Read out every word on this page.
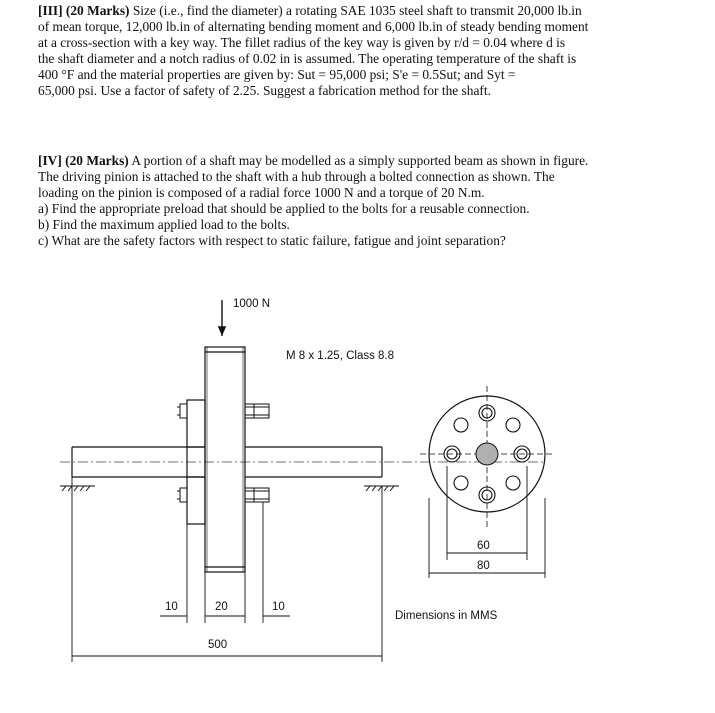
[III] (20 Marks) Size (i.e., find the diameter) a rotating SAE 1035 steel shaft to transmit 20,000 lb.in
of mean torque, 12,000 lb.in of alternating bending moment and 6,000 lb.in of steady bending moment
at a cross-section with a key way. The fillet radius of the key way is given by r/d = 0.04 where d is
the shaft diameter and a notch radius of 0.02 in is assumed. The operating temperature of the shaft is
400 °F and the material properties are given by: Sut = 95,000 psi; S'e = 0.5Sut; and Syt =
65,000 psi. Use a factor of safety of 2.25. Suggest a fabrication method for the shaft.
[IV] (20 Marks) A portion of a shaft may be modelled as a simply supported beam as shown in figure.
The driving pinion is attached to the shaft with a hub through a bolted connection as shown. The
loading on the pinion is composed of a radial force 1000 N and a torque of 20 N.m.
a) Find the appropriate preload that should be applied to the bolts for a reusable connection.
b) Find the maximum applied load to the bolts.
c) What are the safety factors with respect to static failure, fatigue and joint separation?
1000 N
M 8 x 1.25, Class 8.8
10	20	10
500
60
80
Dimensions in MMS
